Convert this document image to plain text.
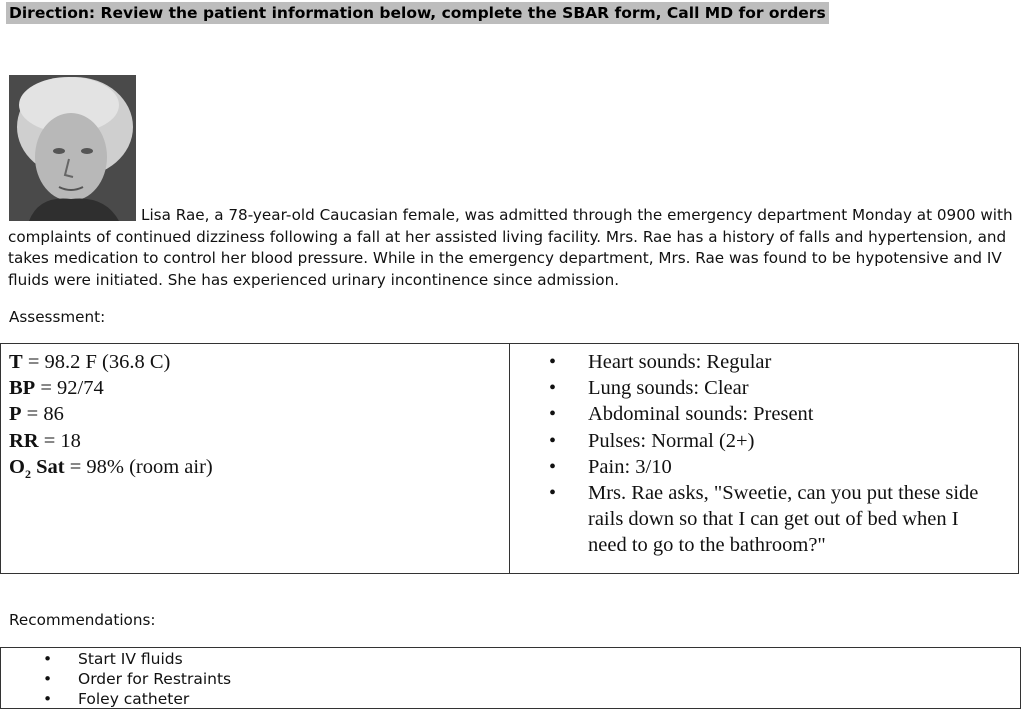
Direction: Review the patient information below, complete the SBAR form, Call MD for orders

Lisa Rae, a 78-year-old Caucasian female, was admitted through the emergency department Monday at 0900 with complaints of continued dizziness following a fall at her assisted living facility. Mrs. Rae has a history of falls and hypertension, and takes medication to control her blood pressure. While in the emergency department, Mrs. Rae was found to be hypotensive and IV fluids were initiated. She has experienced urinary incontinence since admission.

Assessment:
T = 98.2 F (36.8 C)
BP = 92/74
P = 86
RR = 18
$O_2$ Sat = 98% (room air)
• Heart sounds: Regular
• Lung sounds: Clear
• Abdominal sounds: Present
• Pulses: Normal (2+)
• Pain: 3/10
• Mrs. Rae asks, "Sweetie, can you put these side rails down so that I can get out of bed when I need to go to the bathroom?"
Recommendations:
• Start IV fluids
• Order for Restraints
• Foley catheter
